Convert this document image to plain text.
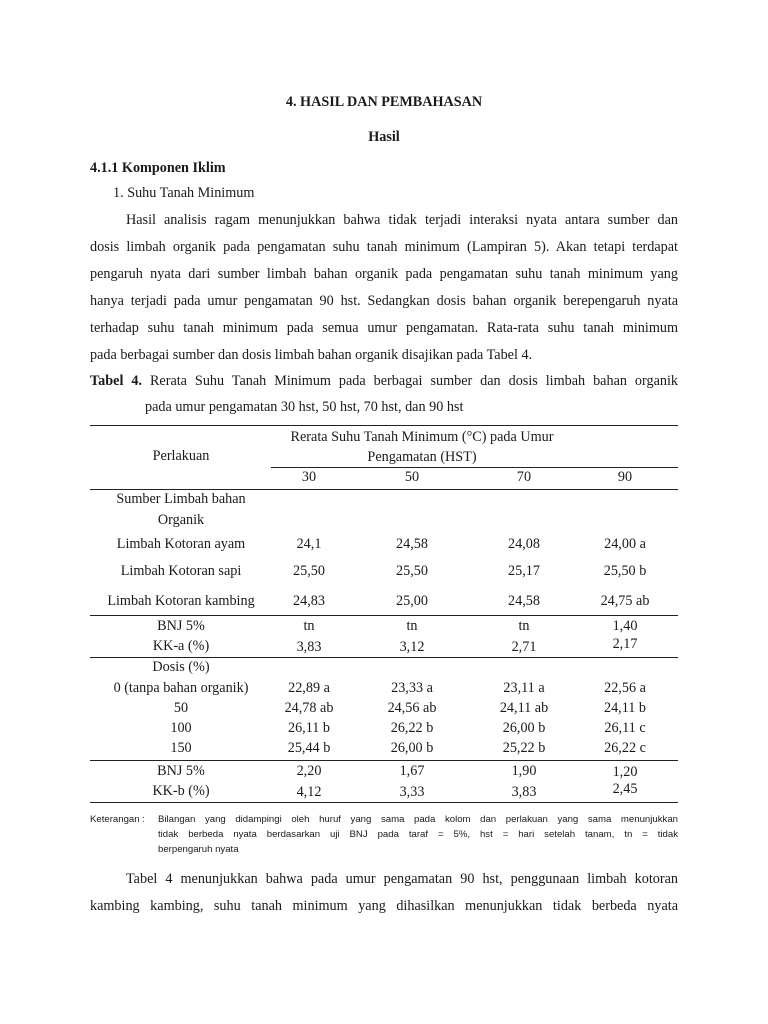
4. HASIL DAN PEMBAHASAN
Hasil
4.1.1 Komponen Iklim
1. Suhu Tanah Minimum
Hasil analisis ragam menunjukkan bahwa tidak terjadi interaksi nyata antara sumber dan
dosis limbah organik pada pengamatan suhu tanah minimum (Lampiran 5). Akan tetapi terdapat
pengaruh nyata dari sumber limbah bahan organik pada pengamatan suhu tanah minimum yang
hanya terjadi pada umur pengamatan 90 hst. Sedangkan dosis bahan organik berepengaruh nyata
terhadap suhu tanah minimum pada semua umur pengamatan. Rata-rata suhu tanah minimum
pada berbagai sumber dan dosis limbah bahan organik disajikan pada Tabel 4.
Tabel 4. Rerata Suhu Tanah Minimum pada berbagai sumber dan dosis limbah bahan organik
pada umur pengamatan 30 hst, 50 hst, 70 hst, dan 90 hst
Perlakuan
Rerata Suhu Tanah Minimum (°C) pada Umur
Pengamatan (HST)
30	50	70	90
Sumber Limbah bahan
Organik
Limbah Kotoran ayam	24,1	24,58	24,08	24,00 a
Limbah Kotoran sapi	25,50	25,50	25,17	25,50 b
Limbah Kotoran kambing	24,83	25,00	24,58	24,75 ab
BNJ 5%	tn	tn	tn	1,40
KK-a (%)	3,83	3,12	2,71	2,17
Dosis (%)
0 (tanpa bahan organik)	22,89 a	23,33 a	23,11 a	22,56 a
50	24,78 ab	24,56 ab	24,11 ab	24,11 b
100	26,11 b	26,22 b	26,00 b	26,11 c
150	25,44 b	26,00 b	25,22 b	26,22 c
BNJ 5%	2,20	1,67	1,90	1,20
KK-b (%)	4,12	3,33	3,83	2,45
Keterangan : Bilangan yang didampingi oleh huruf yang sama pada kolom dan perlakuan yang sama menunjukkan
tidak berbeda nyata berdasarkan uji BNJ pada taraf = 5%, hst = hari setelah tanam, tn = tidak
berpengaruh nyata
Tabel 4 menunjukkan bahwa pada umur pengamatan 90 hst, penggunaan limbah kotoran
kambing kambing, suhu tanah minimum yang dihasilkan menunjukkan tidak berbeda nyata
